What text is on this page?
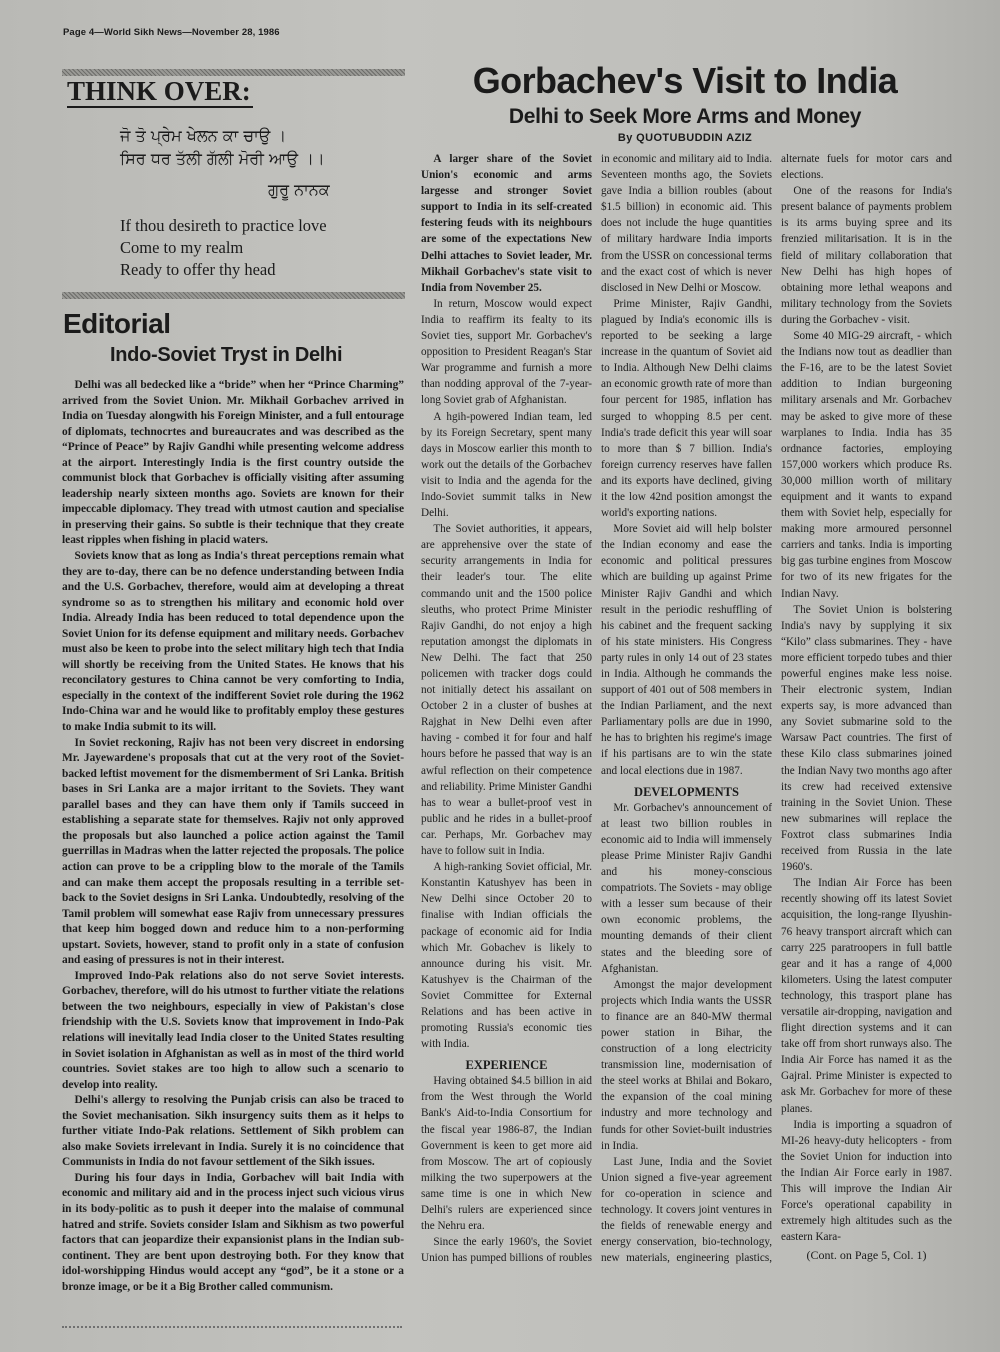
Page 4—World Sikh News—November 28, 1986
THINK OVER:
ਜੋ ਤੋ ਪ੍ਰੇਮ ਖੇਲਨ ਕਾ ਚਾਉ ।
ਸਿਰ ਧਰ ਤੱਲੀ ਗੱਲੀ ਮੋਰੀ ਆਉ ।।
ਗੁਰੂ ਨਾਨਕ
If thou desireth to practice love
Come to my realm
Ready to offer thy head
Editorial
Indo-Soviet Tryst in Delhi

Delhi was all bedecked like a “bride” when her “Prince Charming” arrived from the Soviet Union. Mr. Mikhail Gorbachev arrived in India on Tuesday alongwith his Foreign Minister, and a full entourage of diplomats, technocrtes and bureaucrates and was described as the “Prince of Peace” by Rajiv Gandhi while presenting welcome address at the airport. Interestingly India is the first country outside the communist block that Gorbachev is officially visiting after assuming leadership nearly sixteen months ago. Soviets are known for their impeccable diplomacy. They tread with utmost caution and specialise in preserving their gains. So subtle is their technique that they create least ripples when fishing in placid waters.

Soviets know that as long as India's threat perceptions remain what they are to-day, there can be no defence understanding between India and the U.S. Gorbachev, therefore, would aim at developing a threat syndrome so as to strengthen his military and economic hold over India. Already India has been reduced to total dependence upon the Soviet Union for its defense equipment and military needs. Gorbachev must also be keen to probe into the select military high tech that India will shortly be receiving from the United States. He knows that his reconcilatory gestures to China cannot be very comforting to India, especially in the context of the indifferent Soviet role during the 1962 Indo-China war and he would like to profitably employ these gestures to make India submit to its will.

In Soviet reckoning, Rajiv has not been very discreet in endorsing Mr. Jayewardene's proposals that cut at the very root of the Soviet-backed leftist movement for the dismemberment of Sri Lanka. British bases in Sri Lanka are a major irritant to the Soviets. They want parallel bases and they can have them only if Tamils succeed in establishing a separate state for themselves. Rajiv not only approved the proposals but also launched a police action against the Tamil guerrillas in Madras when the latter rejected the proposals. The police action can prove to be a crippling blow to the morale of the Tamils and can make them accept the proposals resulting in a terrible set-back to the Soviet designs in Sri Lanka. Undoubtedly, resolving of the Tamil problem will somewhat ease Rajiv from unnecessary pressures that keep him bogged down and reduce him to a non-performing upstart. Soviets, however, stand to profit only in a state of confusion and easing of pressures is not in their interest.

Improved Indo-Pak relations also do not serve Soviet interests. Gorbachev, therefore, will do his utmost to further vitiate the relations between the two neighbours, especially in view of Pakistan's close friendship with the U.S. Soviets know that improvement in Indo-Pak relations will inevitally lead India closer to the United States resulting in Soviet isolation in Afghanistan as well as in most of the third world countries. Soviet stakes are too high to allow such a scenario to develop into reality.

Delhi's allergy to resolving the Punjab crisis can also be traced to the Soviet mechanisation. Sikh insurgency suits them as it helps to further vitiate Indo-Pak relations. Settlement of Sikh problem can also make Soviets irrelevant in India. Surely it is no coincidence that Communists in India do not favour settlement of the Sikh issues.

During his four days in India, Gorbachev will bait India with economic and military aid and in the process inject such vicious virus in its body-politic as to push it deeper into the malaise of communal hatred and strife. Soviets consider Islam and Sikhism as two powerful factors that can jeopardize their expansionist plans in the Indian sub-continent. They are bent upon destroying both. For they know that idol-worshipping Hindus would accept any “god”, be it a stone or a bronze image, or be it a Big Brother called communism.

Gorbachev's Visit to India
Delhi to Seek More Arms and Money
By QUOTUBUDDIN AZIZ

A larger share of the Soviet Union's economic and arms largesse and stronger Soviet support to India in its self-created festering feuds with its neighbours are some of the expectations New Delhi attaches to Soviet leader, Mr. Mikhail Gorbachev's state visit to India from November 25.

In return, Moscow would expect India to reaffirm its fealty to its Soviet ties, support Mr. Gorbachev's opposition to President Reagan's Star War programme and furnish a more than nodding approval of the 7-year-long Soviet grab of Afghanistan.

A hgih-powered Indian team, led by its Foreign Secretary, spent many days in Moscow earlier this month to work out the details of the Gorbachev visit to India and the agenda for the Indo-Soviet summit talks in New Delhi.

The Soviet authorities, it appears, are apprehensive over the state of security arrangements in India for their leader's tour. The elite commando unit and the 1500 police sleuths, who protect Prime Minister Rajiv Gandhi, do not enjoy a high reputation amongst the diplomats in New Delhi. The fact that 250 policemen with tracker dogs could not initially detect his assailant on October 2 in a cluster of bushes at Rajghat in New Delhi even after having - combed it for four and half hours before he passed that way is an awful reflection on their competence and reliability. Prime Minister Gandhi has to wear a bullet-proof vest in public and he rides in a bullet-proof car. Perhaps, Mr. Gorbachev may have to follow suit in India.

A high-ranking Soviet official, Mr. Konstantin Katushyev has been in New Delhi since October 20 to finalise with Indian officials the package of economic aid for India which Mr. Gobachev is likely to announce during his visit. Mr. Katushyev is the Chairman of the Soviet Committee for External Relations and has been active in promoting Russia's economic ties with India.

EXPERIENCE

Having obtained $4.5 billion in aid from the West through the World Bank's Aid-to-India Consortium for the fiscal year 1986-87, the Indian Government is keen to get more aid from Moscow. The art of copiously milking the two superpowers at the same time is one in which New Delhi's rulers are experienced since the Nehru era.

Since the early 1960's, the Soviet Union has pumped billions of roubles in economic and military aid to India. Seventeen months ago, the Soviets gave India a billion roubles (about $1.5 billion) in economic aid. This does not include the huge quantities of military hardware India imports from the USSR on concessional terms and the exact cost of which is never disclosed in New Delhi or Moscow.

Prime Minister, Rajiv Gandhi, plagued by India's economic ills is reported to be seeking a large increase in the quantum of Soviet aid to India. Although New Delhi claims an economic growth rate of more than four percent for 1985, inflation has surged to whopping 8.5 per cent. India's trade deficit this year will soar to more than $ 7 billion. India's foreign currency reserves have fallen and its exports have declined, giving it the low 42nd position amongst the world's exporting nations.

More Soviet aid will help bolster the Indian economy and ease the economic and political pressures which are building up against Prime Minister Rajiv Gandhi and which result in the periodic reshuffling of his cabinet and the frequent sacking of his state ministers. His Congress party rules in only 14 out of 23 states in India. Although he commands the support of 401 out of 508 members in the Indian Parliament, and the next Parliamentary polls are due in 1990, he has to brighten his regime's image if his partisans are to win the state and local elections due in 1987.

DEVELOPMENTS

Mr. Gorbachev's announcement of at least two billion roubles in economic aid to India will immensely please Prime Minister Rajiv Gandhi and his money-conscious compatriots. The Soviets - may oblige with a lesser sum because of their own economic problems, the mounting demands of their client states and the bleeding sore of Afghanistan.

Amongst the major development projects which India wants the USSR to finance are an 840-MW thermal power station in Bihar, the construction of a long electricity transmission line, modernisation of the steel works at Bhilai and Bokaro, the expansion of the coal mining industry and more technology and funds for other Soviet-built industries in India.

Last June, India and the Soviet Union signed a five-year agreement for co-operation in science and technology. It covers joint ventures in the fields of renewable energy and energy conservation, bio-technology, new materials, engineering plastics, alternate fuels for motor cars and elections.

One of the reasons for India's present balance of payments problem is its arms buying spree and its frenzied militarisation. It is in the field of military collaboration that New Delhi has high hopes of obtaining more lethal weapons and military technology from the Soviets during the Gorbachev - visit.

Some 40 MIG-29 aircraft, - which the Indians now tout as deadlier than the F-16, are to be the latest Soviet addition to Indian burgeoning military arsenals and Mr. Gorbachev may be asked to give more of these warplanes to India. India has 35 ordnance factories, employing 157,000 workers which produce Rs. 30,000 million worth of military equipment and it wants to expand them with Soviet help, especially for making more armoured personnel carriers and tanks. India is importing big gas turbine engines from Moscow for two of its new frigates for the Indian Navy.

The Soviet Union is bolstering India's navy by supplying it six “Kilo” class submarines. They - have more efficient torpedo tubes and thier powerful engines make less noise. Their electronic system, Indian experts say, is more advanced than any Soviet submarine sold to the Warsaw Pact countries. The first of these Kilo class submarines joined the Indian Navy two months ago after its crew had received extensive training in the Soviet Union. These new submarines will replace the Foxtrot class submarines India received from Russia in the late 1960's.

The Indian Air Force has been recently showing off its latest Soviet acquisition, the long-range Ilyushin-76 heavy transport aircraft which can carry 225 paratroopers in full battle gear and it has a range of 4,000 kilometers. Using the latest computer technology, this trasport plane has versatile air-dropping, navigation and flight direction systems and it can take off from short runways also. The India Air Force has named it as the Gajral. Prime Minister is expected to ask Mr. Gorbachev for more of these planes.

India is importing a squadron of MI-26 heavy-duty helicopters - from the Soviet Union for induction into the Indian Air Force early in 1987. This will improve the Indian Air Force's operational capability in extremely high altitudes such as the eastern Kara-

(Cont. on Page 5, Col. 1)
